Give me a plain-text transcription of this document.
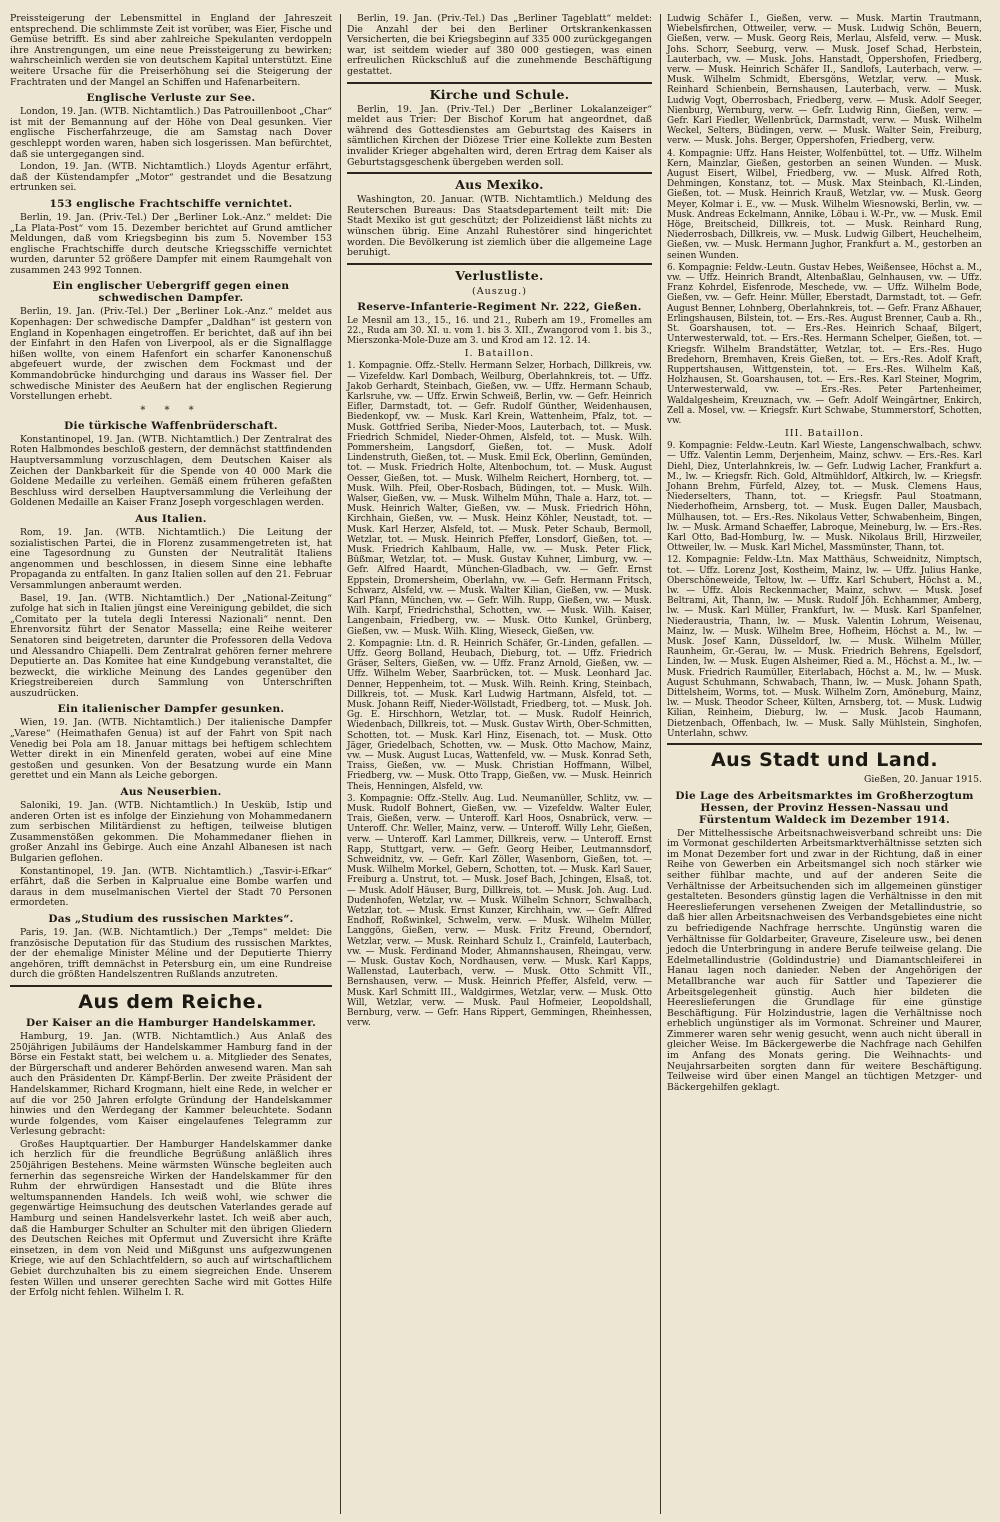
Preissteigerung der Lebensmittel in England der Jahreszeit entsprechend. Die schlimmste Zeit ist vorüber, was Eier, Fische und Gemüse betrifft. Es sind aber zahlreiche Spekulanten verdoppeln ihre Anstrengungen, um eine neue Preissteigerung zu bewirken; wahrscheinlich werden sie von deutschem Kapital unterstützt. Eine weitere Ursache für die Preiserhöhung sei die Steigerung der Frachtraten und der Mangel an Schiffen und Hafenarbeitern.

Englische Verluste zur See.

London, 19. Jan. (WTB. Nichtamtlich.) Das Patrouillenboot „Char“ ist mit der Bemannung auf der Höhe von Deal gesunken. Vier englische Fischerfahrzeuge, die am Samstag nach Dover geschleppt worden waren, haben sich losgerissen. Man befürchtet, daß sie untergegangen sind.

London, 19. Jan. (WTB. Nichtamtlich.) Lloyds Agentur erfährt, daß der Küstendampfer „Motor“ gestrandet und die Besatzung ertrunken sei.

153 englische Frachtschiffe vernichtet.

Berlin, 19. Jan. (Priv.-Tel.) Der „Berliner Lok.-Anz.“ meldet: Die „La Plata-Post“ vom 15. Dezember berichtet auf Grund amtlicher Meldungen, daß vom Kriegsbeginn bis zum 5. November 153 englische Frachtschiffe durch deutsche Kriegsschiffe vernichtet wurden, darunter 52 größere Dampfer mit einem Raumgehalt von zusammen 243 992 Tonnen.

Ein englischer Uebergriff gegen einen schwedischen Dampfer.

Berlin, 19. Jan. (Priv.-Tel.) Der „Berliner Lok.-Anz.“ meldet aus Kopenhagen: Der schwedische Dampfer „Daldhan“ ist gestern von England in Kopenhagen eingetroffen. Er berichtet, daß auf ihn bei der Einfahrt in den Hafen von Liverpool, als er die Signalflagge hißen wollte, von einem Hafenfort ein scharfer Kanonenschuß abgefeuert wurde, der zwischen dem Fockmast und der Kommandobrücke hindurchging und daraus ins Wasser fiel. Der schwedische Minister des Aeußern hat der englischen Regierung Vorstellungen erhebt.

* * *
Die türkische Waffenbrüderschaft.

Konstantinopel, 19. Jan. (WTB. Nichtamtlich.) Der Zentralrat des Roten Halbmondes beschloß gestern, der demnächst stattfindenden Hauptversammlung vorzuschlagen, dem Deutschen Kaiser als Zeichen der Dankbarkeit für die Spende von 40 000 Mark die Goldene Medaille zu verleihen. Gemäß einem früheren gefaßten Beschluss wird derselben Hauptversammlung die Verleihung der Goldenen Medaille an Kaiser Franz Joseph vorgeschlagen werden.

Aus Italien.

Rom, 19. Jan. (WTB. Nichtamtlich.) Die Leitung der sozialistischen Partei, die in Florenz zusammengetreten ist, hat eine Tagesordnung zu Gunsten der Neutralität Italiens angenommen und beschlossen, in diesem Sinne eine lebhafte Propaganda zu entfalten. In ganz Italien sollen auf den 21. Februar Versammlungen anberaumt werden.

Basel, 19. Jan. (WTB. Nichtamtlich.) Der „National-Zeitung“ zufolge hat sich in Italien jüngst eine Vereinigung gebildet, die sich „Comitato per la tutela degli Interessi Nazionali“ nennt. Den Ehrenvorsitz führt der Senator Massella; eine Reihe weiterer Senatoren sind beigetreten, darunter die Professoren della Vedova und Alessandro Chiapelli. Dem Zentralrat gehören ferner mehrere Deputierte an. Das Komitee hat eine Kundgebung veranstaltet, die bezweckt, die wirkliche Meinung des Landes gegenüber den Kriegstreibereien durch Sammlung von Unterschriften auszudrücken.

Ein italienischer Dampfer gesunken.

Wien, 19. Jan. (WTB. Nichtamtlich.) Der italienische Dampfer „Varese“ (Heimathafen Genua) ist auf der Fahrt von Spit nach Venedig bei Pola am 18. Januar mittags bei heftigem schlechtem Wetter direkt in ein Minenfeld geraten, wobei auf eine Mine gestoßen und gesunken. Von der Besatzung wurde ein Mann gerettet und ein Mann als Leiche geborgen.

Aus Neuserbien.

Saloniki, 19. Jan. (WTB. Nichtamtlich.) In Uesküb, Istip und anderen Orten ist es infolge der Einziehung von Mohammedanern zum serbischen Militärdienst zu heftigen, teilweise blutigen Zusammenstößen gekommen. Die Mohammedaner fliehen in großer Anzahl ins Gebirge. Auch eine Anzahl Albanesen ist nach Bulgarien geflohen.

Konstantinopel, 19. Jan. (WTB. Nichtamtlich.) „Tasvir-i-Efkar“ erfährt, daß die Serben in Kalprualue eine Bombe warfen und daraus in dem muselmanischen Viertel der Stadt 70 Personen ermordeten.

Das „Studium des russischen Marktes“.

Paris, 19. Jan. (W.B. Nichtamtlich.) Der „Temps“ meldet: Die französische Deputation für das Studium des russischen Marktes, der der ehemalige Minister Méline und der Deputierte Thierry angehören, trifft demnächst in Petersburg ein, um eine Rundreise durch die größten Handelszentren Rußlands anzutreten.

Aus dem Reiche.
Der Kaiser an die Hamburger Handelskammer.

Hamburg, 19. Jan. (WTB. Nichtamtlich.) Aus Anlaß des 250jährigen Jubiläums der Handelskammer Hamburg fand in der Börse ein Festakt statt, bei welchem u. a. Mitglieder des Senates, der Bürgerschaft und anderer Behörden anwesend waren. Man sah auch den Präsidenten Dr. Kämpf-Berlin. Der zweite Präsident der Handelskammer, Richard Krogmann, hielt eine Rede, in welcher er auf die vor 250 Jahren erfolgte Gründung der Handelskammer hinwies und den Werdegang der Kammer beleuchtete. Sodann wurde folgendes, vom Kaiser eingelaufenes Telegramm zur Verlesung gebracht:

Großes Hauptquartier. Der Hamburger Handelskammer danke ich herzlich für die freundliche Begrüßung anläßlich ihres 250jährigen Bestehens. Meine wärmsten Wünsche begleiten auch fernerhin das segensreiche Wirken der Handelskammer für den Ruhm der ehrwürdigen Hansestadt und die Blüte ihres weltumspannenden Handels. Ich weiß wohl, wie schwer die gegenwärtige Heimsuchung des deutschen Vaterlandes gerade auf Hamburg und seinen Handelsverkehr lastet. Ich weiß aber auch, daß die Hamburger Schulter an Schulter mit den übrigen Gliedern des Deutschen Reiches mit Opfermut und Zuversicht ihre Kräfte einsetzen, in dem von Neid und Mißgunst uns aufgezwungenen Kriege, wie auf den Schlachtfeldern, so auch auf wirtschaftlichem Gebiet durchzuhalten bis zu einem siegreichen Ende. Unserem festen Willen und unserer gerechten Sache wird mit Gottes Hilfe der Erfolg nicht fehlen. Wilhelm I. R.

Berlin, 19. Jan. (Priv.-Tel.) Das „Berliner Tageblatt“ meldet: Die Anzahl der bei den Berliner Ortskrankenkassen Versicherten, die bei Kriegsbeginn auf 335 000 zurückgegangen war, ist seitdem wieder auf 380 000 gestiegen, was einen erfreulichen Rückschluß auf die zunehmende Beschäftigung gestattet.

Kirche und Schule.

Berlin, 19. Jan. (Priv.-Tel.) Der „Berliner Lokalanzeiger“ meldet aus Trier: Der Bischof Korum hat angeordnet, daß während des Gottesdienstes am Geburtstag des Kaisers in sämtlichen Kirchen der Diözese Trier eine Kollekte zum Besten invalider Krieger abgehalten wird, deren Ertrag dem Kaiser als Geburtstagsgeschenk übergeben werden soll.

Aus Mexiko.

Washington, 20. Januar. (WTB. Nichtamtlich.) Meldung des Reuterschen Bureaus: Das Staatsdepartement teilt mit: Die Stadt Mexiko ist gut geschützt; der Polizeidienst läßt nichts zu wünschen übrig. Eine Anzahl Ruhestörer sind hingerichtet worden. Die Bevölkerung ist ziemlich über die allgemeine Lage beruhigt.

Verlustliste.
(Auszug.)
Reserve-Infanterie-Regiment Nr. 222, Gießen.

Le Mesnil am 13., 15., 16. und 21., Ruberh am 19., Fromelles am 22., Ruda am 30. XI. u. vom 1. bis 3. XII., Zwangorod vom 1. bis 3., Mierszonka-Mole-Duze am 3. und Krod am 12. 12. 14.

I. Bataillon.

1. Kompagnie. Offz.-Stellv. Hermann Selzer, Horbach, Dillkreis, vw. — Vizefeldw. Karl Dombach, Weilburg, Oberlahnkreis, tot. — Uffz. Jakob Gerhardt, Steinbach, Gießen, vw. — Uffz. Hermann Schaub, Karlsruhe, vw. — Uffz. Erwin Schweiß, Berlin, vw. — Gefr. Heinrich Eifler, Darmstadt, tot. — Gefr. Rudolf Günther, Weidenhausen, Biedenkopf, vw. — Musk. Karl Krein, Wattenheim, Pfalz, tot. — Musk. Gottfried Seriba, Nieder-Moos, Lauterbach, tot. — Musk. Friedrich Schmidel, Nieder-Ohmen, Alsfeld, tot. — Musk. Wilh. Pommersheim, Langsdorf, Gießen, tot. — Musk. Adolf Lindenstruth, Gießen, tot. — Musk. Emil Eck, Oberlinn, Gemünden, tot. — Musk. Friedrich Holte, Altenbochum, tot. — Musk. August Oesser, Gießen, tot. — Musk. Wilhelm Reichert, Hornberg, tot. — Musk. Wilh. Pfeil, Ober-Rosbach, Büdingen, tot. — Musk. Wilh. Walser, Gießen, vw. — Musk. Wilhelm Mühn, Thale a. Harz, tot. — Musk. Heinrich Walter, Gießen, vw. — Musk. Friedrich Höhn, Kirchhain, Gießen, vw. — Musk. Heinz Köhler, Neustadt, tot. — Musk. Karl Herzer, Alsfeld, tot. — Musk. Peter Schaub, Bermoll, Wetzlar, tot. — Musk. Heinrich Pfeffer, Lonsdorf, Gießen, tot. — Musk. Friedrich Kahlbaum, Halle, vw. — Musk. Peter Flick, Büßmar, Wetzlar, tot. — Musk. Gustav Kuhner, Limburg, vw. — Gefr. Alfred Haardt, München-Gladbach, vw. — Gefr. Ernst Eppstein, Dromersheim, Oberlahn, vw. — Gefr. Hermann Fritsch, Schwarz, Alsfeld, vw. — Musk. Walter Kilian, Gießen, vw. — Musk. Karl Pfann, München, vw. — Gefr. Wilh. Rupp, Gießen, vw. — Musk. Wilh. Karpf, Friedrichsthal, Schotten, vw. — Musk. Wilh. Kaiser, Langenbain, Friedberg, vw. — Musk. Otto Kunkel, Grünberg, Gießen, vw. — Musk. Wilh. Kling, Wieseck, Gießen, vw.

2. Kompagnie: Ltn. d. R. Heinrich Schäfer, Gr.-Linden, gefallen. — Uffz. Georg Bolland, Heubach, Dieburg, tot. — Uffz. Friedrich Gräser, Selters, Gießen, vw. — Uffz. Franz Arnold, Gießen, vw. — Uffz. Wilhelm Weber, Saarbrücken, tot. — Musk. Leonhard Jac. Denner, Heppenheim, tot. — Musk. Wilh. Reinh. Kring, Steinbach, Dillkreis, tot. — Musk. Karl Ludwig Hartmann, Alsfeld, tot. — Musk. Johann Reiff, Nieder-Wöllstadt, Friedberg, tot. — Musk. Joh. Gg. E. Hirschhorn, Wetzlar, tot. — Musk. Rudolf Heinrich, Wiedenbach, Dillkreis, tot. — Musk. Gustav Wirth, Ober-Schmitten, Schotten, tot. — Musk. Karl Hinz, Eisenach, tot. — Musk. Otto Jäger, Griedelbach, Schotten, vw. — Musk. Otto Machow, Mainz, vw. — Musk. August Lucas, Wattenfeld, vw. — Musk. Konrad Seth, Traiss, Gießen, vw. — Musk. Christian Hoffmann, Wilbel, Friedberg, vw. — Musk. Otto Trapp, Gießen, vw. — Musk. Heinrich Theis, Henningen, Alsfeld, vw.

3. Kompagnie: Offz.-Stellv. Aug. Lud. Neumanüller, Schlitz, vw. — Musk. Rudolf Bohnert, Gießen, vw. — Vizefeldw. Walter Euler, Trais, Gießen, verw. — Unteroff. Karl Hoos, Osnabrück, verw. — Unteroff. Chr. Weller, Mainz, verw. — Unteroff. Willy Lehr, Gießen, verw. — Unteroff. Karl Lammer, Dillkreis, verw. — Unteroff. Ernst Rapp, Stuttgart, verw. — Gefr. Georg Heiber, Leutmannsdorf, Schweidnitz, vw. — Gefr. Karl Zöller, Wasenborn, Gießen, tot. — Musk. Wilhelm Morkel, Gebern, Schotten, tot. — Musk. Karl Sauer, Freiburg a. Unstrut, tot. — Musk. Josef Bach, Jchingen, Elsaß, tot. — Musk. Adolf Häuser, Burg, Dillkreis, tot. — Musk. Joh. Aug. Lud. Dudenhofen, Wetzlar, vw. — Musk. Wilhelm Schnorr, Schwalbach, Wetzlar, tot. — Musk. Ernst Kunzer, Kirchhain, vw. — Gefr. Alfred Endhoff, Roßwinkel, Schwelm, verw. — Musk. Wilhelm Müller, Langgöns, Gießen, verw. — Musk. Fritz Freund, Oberndorf, Wetzlar, verw. — Musk. Reinhard Schulz I., Crainfeld, Lauterbach, vw. — Musk. Ferdinand Moder, Ahmannshausen, Rheingau, verw. — Musk. Gustav Koch, Nordhausen, verw. — Musk. Karl Kapps, Wallenstad, Lauterbach, verw. — Musk. Otto Schmitt VII., Bernshausen, verw. — Musk. Heinrich Pfeffer, Alsfeld, verw. — Musk. Karl Schmitt III., Waldgirmes, Wetzlar, verw. — Musk. Otto Will, Wetzlar, verw. — Musk. Paul Hofmeier, Leopoldshall, Bernburg, verw. — Gefr. Hans Rippert, Gemmingen, Rheinhessen, verw.

Ludwig Schäfer I., Gießen, verw. — Musk. Martin Trautmann, Wiebelsfirchen, Ottweiler, verw. — Musk. Ludwig Schön, Beuern, Gießen, verw. — Musk. Georg Reis, Merlau, Alsfeld, verw. — Musk. Johs. Schorr, Seeburg, verw. — Musk. Josef Schad, Herbstein, Lauterbach, vw. — Musk. Johs. Hanstadt, Oppershofen, Friedberg, verw. — Musk. Heinrich Schäfer II., Sandlofs, Lauterbach, verw. — Musk. Wilhelm Schmidt, Ebersgöns, Wetzlar, verw. — Musk. Reinhard Schienbein, Bernshausen, Lauterbach, verw. — Musk. Ludwig Vogt, Oberrosbach, Friedberg, verw. — Musk. Adolf Seeger, Nienburg, Wernburg, verw. — Gefr. Ludwig Rinn, Gießen, verw. — Gefr. Karl Fiedler, Wellenbrück, Darmstadt, verw. — Musk. Wilhelm Weckel, Selters, Büdingen, verw. — Musk. Walter Sein, Freiburg, verw. — Musk. Johs. Berger, Oppershofen, Friedberg, verw.

4. Kompagnie: Uffz. Hans Heister, Wolfenbüttel, tot. — Uffz. Wilhelm Kern, Mainzlar, Gießen, gestorben an seinen Wunden. — Musk. August Eisert, Wilbel, Friedberg, vw. — Musk. Alfred Roth, Dehmingen, Konstanz, tot. — Musk. Max Steinbach, Kl.-Linden, Gießen, tot. — Musk. Heinrich Krauß, Wetzlar, vw. — Musk. Georg Meyer, Kolmar i. E., vw. — Musk. Wilhelm Wiesnowski, Berlin, vw. — Musk. Andreas Eckelmann, Annike, Löbau i. W.-Pr., vw. — Musk. Emil Höge, Breitscheid, Dillkreis, tot. — Musk. Reinhard Rung, Niederrosbach, Dillkreis, vw. — Musk. Ludwig Gilbert, Heuchelheim, Gießen, vw. — Musk. Hermann Jughor, Frankfurt a. M., gestorben an seinen Wunden.

6. Kompagnie: Feldw.-Leutn. Gustav Hebes, Weißensee, Höchst a. M., vw. — Uffz. Heinrich Brandt, Altenbaßlau, Gelnhausen, vw. — Uffz. Franz Kohrdel, Eisfenrode, Meschede, vw. — Uffz. Wilhelm Bode, Gießen, vw. — Gefr. Heinr. Müller, Eberstadt, Darmstadt, tot. — Gefr. August Benner, Lohnberg, Oberlahnkreis, tot. — Gefr. Franz Aßhauer, Erlingshausen, Bilstein, tot. — Ers.-Res. August Brenner, Caub a. Rh., St. Goarshausen, tot. — Ers.-Res. Heinrich Schaaf, Bilgert, Unterwesterwald, tot. — Ers.-Res. Hermann Schelper, Gießen, tot. — Kriegsfr. Wilhelm Brandstätter, Wetzlar, tot. — Ers.-Res. Hugo Bredehorn, Bremhaven, Kreis Gießen, tot. — Ers.-Res. Adolf Kraft, Ruppertshausen, Wittgenstein, tot. — Ers.-Res. Wilhelm Kaß, Holzhausen, St. Goarshausen, tot. — Ers.-Res. Karl Steiner, Mogrim, Unterwesterwald, vw. — Ers.-Res. Peter Partenheimer, Waldalgesheim, Kreuznach, vw. — Gefr. Adolf Weingärtner, Enkirch, Zell a. Mosel, vw. — Kriegsfr. Kurt Schwabe, Stummerstorf, Schotten, vw.

III. Bataillon.

9. Kompagnie: Feldw.-Leutn. Karl Wieste, Langenschwalbach, schwv. — Uffz. Valentin Lemm, Derjenheim, Mainz, schwv. — Ers.-Res. Karl Diehl, Diez, Unterlahnkreis, lw. — Gefr. Ludwig Lacher, Frankfurt a. M., lw. — Kriegsfr. Rich. Gold, Altmühldorf, Altkirch, lw. — Kriegsfr. Johann Brehm, Fürfeld, Alzey, tot. — Musk. Clemens Haus, Niederselters, Thann, tot. — Kriegsfr. Paul Stoatmann, Niederhofheim, Arnsberg, tot. — Musk. Eugen Daller, Mausbach, Mülhausen, tot. — Ers.-Res. Nikolaus Vetter, Schwabenheim, Bingen, lw. — Musk. Armand Schaeffer, Labroque, Meineburg, lw. — Ers.-Res. Karl Otto, Bad-Homburg, lw. — Musk. Nikolaus Brill, Hirzweiler, Ottweiler, lw. — Musk. Karl Michel, Massmünster, Thann, tot.

12. Kompagnie: Feldw.-Ltn. Max Matthäus, Schweidnitz, Nimptsch, tot. — Uffz. Lorenz Jost, Kostheim, Mainz, lw. — Uffz. Julius Hanke, Oberschöneweide, Teltow, lw. — Uffz. Karl Schubert, Höchst a. M., lw. — Uffz. Alois Reckenmacher, Mainz, schwv. — Musk. Josef Beltrami, Ait, Thann, lw. — Musk. Rudolf Jöh. Echhammer, Amberg, lw. — Musk. Karl Müller, Frankfurt, lw. — Musk. Karl Spanfelner, Niederaustria, Thann, lw. — Musk. Valentin Lohrum, Weisenau, Mainz, lw. — Musk. Wilhelm Bree, Hofheim, Höchst a. M., lw. — Musk. Josef Kann, Düsseldorf, lw. — Musk. Wilhelm Müller, Raunheim, Gr.-Gerau, lw. — Musk. Friedrich Behrens, Egelsdorf, Linden, lw. — Musk. Eugen Alsheimer, Ried a. M., Höchst a. M., lw. — Musk. Friedrich Raumüller, Eiterlabach, Höchst a. M., lw. — Musk. August Schuhmann, Schwabach, Thann, lw. — Musk. Johann Spath, Dittelsheim, Worms, tot. — Musk. Wilhelm Zorn, Amöneburg, Mainz, lw. — Musk. Theodor Scheer, Külten, Arnsberg, tot. — Musk. Ludwig Kilian, Reinheim, Dieburg, lw. — Musk. Jacob Haumann, Dietzenbach, Offenbach, lw. — Musk. Sally Mühlstein, Singhofen, Unterlahn, schwv.

Aus Stadt und Land.

Gießen, 20. Januar 1915.

Die Lage des Arbeitsmarktes im Großherzogtum Hessen, der Provinz Hessen-Nassau und Fürstentum Waldeck im Dezember 1914.

Der Mittelhessische Arbeitsnachweisverband schreibt uns: Die im Vormonat geschilderten Arbeitsmarktverhältnisse setzten sich im Monat Dezember fort und zwar in der Richtung, daß in einer Reihe von Gewerben ein Arbeitsmangel sich noch stärker wie seither fühlbar machte, und auf der anderen Seite die Verhältnisse der Arbeitsuchenden sich im allgemeinen günstiger gestalteten. Besonders günstig lagen die Verhältnisse in den mit Heereslieferungen versehenen Zweigen der Metallindustrie, so daß hier allen Arbeitsnachweisen des Verbandsgebietes eine nicht zu befriedigende Nachfrage herrschte. Ungünstig waren die Verhältnisse für Goldarbeiter, Graveure, Ziseleure usw., bei denen jedoch die Unterbringung in andere Berufe teilweise gelang. Die Edelmetallindustrie (Goldindustrie) und Diamantschleiferei in Hanau lagen noch danieder. Neben der Angehörigen der Metallbranche war auch für Sattler und Tapezierer die Arbeitsgelegenheit günstig. Auch hier bildeten die Heereslieferungen die Grundlage für eine günstige Beschäftigung. Für Holzindustrie, lagen die Verhältnisse noch erheblich ungünstiger als im Vormonat. Schreiner und Maurer, Zimmerer waren sehr wenig gesucht, wenn auch nicht überall in gleicher Weise. Im Bäckergewerbe die Nachfrage nach Gehilfen im Anfang des Monats gering. Die Weihnachts- und Neujahrsarbeiten sorgten dann für weitere Beschäftigung. Teilweise wird über einen Mangel an tüchtigen Metzger- und Bäckergehilfen geklagt.
